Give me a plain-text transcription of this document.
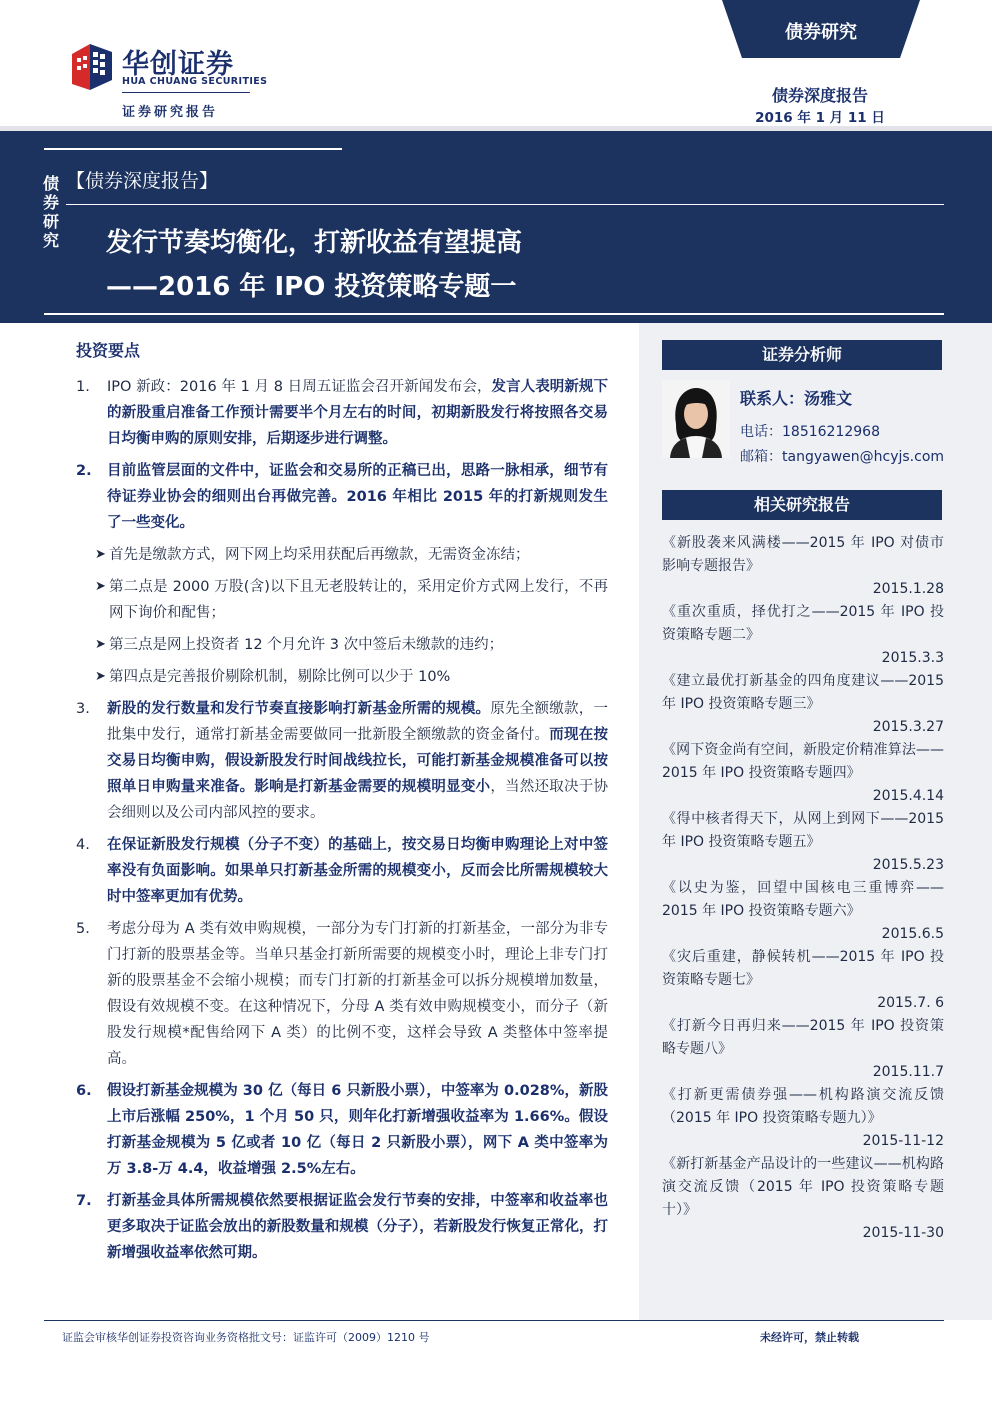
华创证券
HUA CHUANG SECURITIES
证券研究报告
债券研究
债券深度报告
2016 年 1 月 11 日
债券研究
【债券深度报告】
发行节奏均衡化，打新收益有望提高
——2016 年 IPO 投资策略专题一
证券分析师
联系人：汤雅文
电话：18516212968
邮箱：tangyawen@hcyjs.com
相关研究报告
《新股袭来风满楼——2015 年 IPO 对债市影响专题报告》
2015.1.28
《重次重质，择优打之——2015 年 IPO 投资策略专题二》
2015.3.3
《建立最优打新基金的四角度建议——2015 年 IPO 投资策略专题三》
2015.3.27
《网下资金尚有空间，新股定价精准算法——2015 年 IPO 投资策略专题四》
2015.4.14
《得中核者得天下，从网上到网下——2015 年 IPO 投资策略专题五》
2015.5.23
《以史为鉴，回望中国核电三重博弈——2015 年 IPO 投资策略专题六》
2015.6.5
《灾后重建，静候转机——2015 年 IPO 投资策略专题七》
2015.7. 6
《打新今日再归来——2015 年 IPO 投资策略专题八》
2015.11.7
《打新更需债券强——机构路演交流反馈（2015 年 IPO 投资策略专题九）》
2015-11-12
《新打新基金产品设计的一些建议——机构路演交流反馈（2015 年 IPO 投资策略专题十）》
2015-11-30
投资要点
1.	IPO 新政：2016 年 1 月 8 日周五证监会召开新闻发布会，发言人表明新规下的新股重启准备工作预计需要半个月左右的时间，初期新股发行将按照各交易日均衡申购的原则安排，后期逐步进行调整。
2.	目前监管层面的文件中，证监会和交易所的正稿已出，思路一脉相承，细节有待证券业协会的细则出台再做完善。2016 年相比 2015 年的打新规则发生了一些变化。
➤ 首先是缴款方式，网下网上均采用获配后再缴款，无需资金冻结；
➤ 第二点是 2000 万股(含)以下且无老股转让的，采用定价方式网上发行，不再网下询价和配售；
➤ 第三点是网上投资者 12 个月允许 3 次中签后未缴款的违约；
➤ 第四点是完善报价剔除机制，剔除比例可以少于 10%
3.	新股的发行数量和发行节奏直接影响打新基金所需的规模。原先全额缴款，一批集中发行，通常打新基金需要做同一批新股全额缴款的资金备付。而现在按交易日均衡申购，假设新股发行时间战线拉长，可能打新基金规模准备可以按照单日申购量来准备。影响是打新基金需要的规模明显变小，当然还取决于协会细则以及公司内部风控的要求。
4.	在保证新股发行规模（分子不变）的基础上，按交易日均衡申购理论上对中签率没有负面影响。如果单只打新基金所需的规模变小，反而会比所需规模较大时中签率更加有优势。
5.	考虑分母为 A 类有效申购规模，一部分为专门打新的打新基金，一部分为非专门打新的股票基金等。当单只基金打新所需要的规模变小时，理论上非专门打新的股票基金不会缩小规模；而专门打新的打新基金可以拆分规模增加数量，假设有效规模不变。在这种情况下，分母 A 类有效申购规模变小，而分子（新股发行规模*配售给网下 A 类）的比例不变，这样会导致 A 类整体中签率提高。
6.	假设打新基金规模为 30 亿（每日 6 只新股小票），中签率为 0.028%，新股上市后涨幅 250%，1 个月 50 只，则年化打新增强收益率为 1.66%。假设打新基金规模为 5 亿或者 10 亿（每日 2 只新股小票），网下 A 类中签率为万 3.8-万 4.4，收益增强 2.5%左右。
7.	打新基金具体所需规模依然要根据证监会发行节奏的安排，中签率和收益率也更多取决于证监会放出的新股数量和规模（分子），若新股发行恢复正常化，打新增强收益率依然可期。
证监会审核华创证券投资咨询业务资格批文号：证监许可（2009）1210 号	未经许可，禁止转载
